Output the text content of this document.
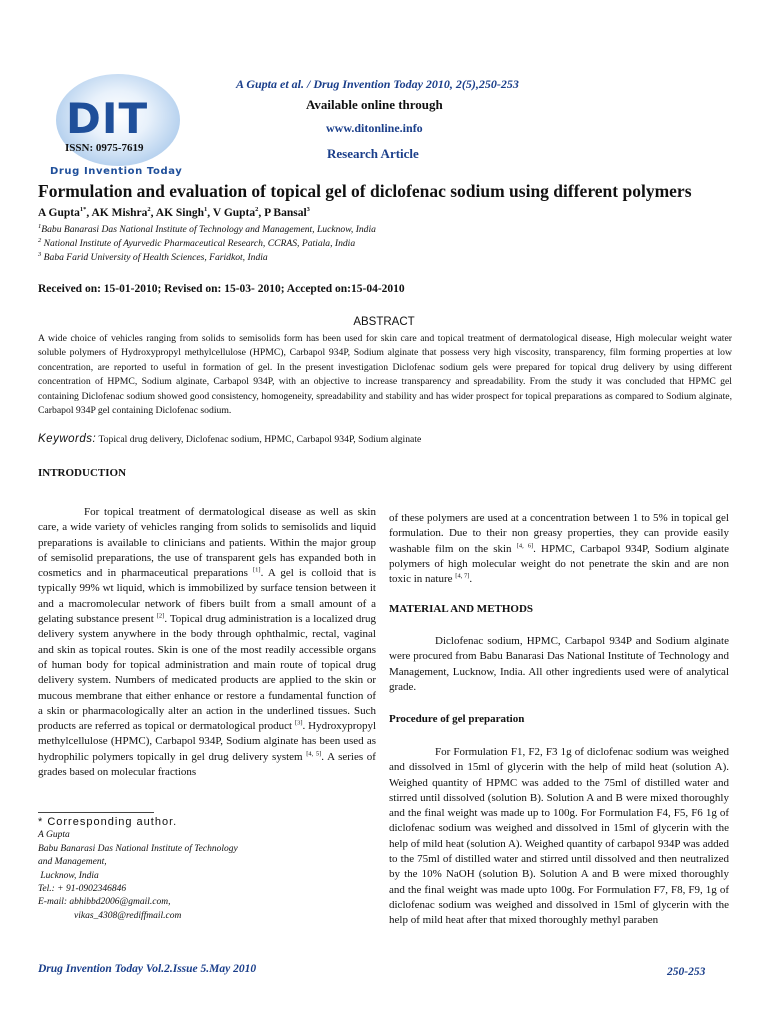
DIT
ISSN: 0975-7619
Drug Invention Today
A Gupta et al. / Drug Invention Today 2010, 2(5),250-253
Available online through
www.ditonline.info
Research Article
Formulation and evaluation of topical gel of diclofenac sodium using different polymers
A Gupta$^{1*}$, AK Mishra$^2$, AK Singh$^1$, V Gupta$^2$, P Bansal$^3$
$^1$Babu Banarasi Das National Institute of Technology and Management, Lucknow, India
$^2$ National Institute of Ayurvedic Pharmaceutical Research, CCRAS, Patiala, India
$^3$ Baba Farid University of Health Sciences, Faridkot, India
Received on: 15-01-2010; Revised on: 15-03- 2010; Accepted on:15-04-2010
ABSTRACT
A wide choice of vehicles ranging from solids to semisolids form has been used for skin care and topical treatment of dermatological disease, High molecular weight water soluble polymers of Hydroxypropyl methylcellulose (HPMC), Carbapol 934P, Sodium alginate that possess very high viscosity, transparency, film forming properties at low concentration, are reported to useful in formation of gel. In the present investigation Diclofenac sodium gels were prepared for topical drug delivery by using different concentration of HPMC, Sodium alginate, Carbapol 934P, with an objective to increase transparency and spreadability. From the study it was concluded that HPMC gel containing Diclofenac sodium showed good consistency, homogeneity, spreadability and stability and has wider prospect for topical preparations as compared to Sodium alginate, Carbapol 934P gel containing Diclofenac sodium.
Keywords: Topical drug delivery, Diclofenac sodium, HPMC, Carbapol 934P, Sodium alginate
INTRODUCTION

For topical treatment of dermatological disease as well as skin care, a wide variety of vehicles ranging from solids to semisolids and liquid preparations is available to clinicians and patients. Within the major group of semisolid preparations, the use of transparent gels has expanded both in cosmetics and in pharmaceutical preparations [1]. A gel is colloid that is typically 99% wt liquid, which is immobilized by surface tension between it and a macromolecular network of fibers built from a small amount of a gelating substance present [2]. Topical drug administration is a localized drug delivery system anywhere in the body through ophthalmic, rectal, vaginal and skin as topical routes. Skin is one of the most readily accessible organs of human body for topical administration and main route of topical drug delivery system. Numbers of medicated products are applied to the skin or mucous membrane that either enhance or restore a fundamental function of a skin or pharmacologically alter an action in the underlined tissues. Such products are referred as topical or dermatological product [3]. Hydroxypropyl methylcellulose (HPMC), Carbapol 934P, Sodium alginate has been used as hydrophilic polymers topically in gel drug delivery system [4, 5]. A series of grades based on molecular fractions

of these polymers are used at a concentration between 1 to 5% in topical gel formulation. Due to their non greasy properties, they can provide easily washable film on the skin [4, 6]. HPMC, Carbapol 934P, Sodium alginate polymers of high molecular weight do not penetrate the skin and are non toxic in nature [4, 7].

MATERIAL AND METHODS

Diclofenac sodium, HPMC, Carbapol 934P and Sodium alginate were procured from Babu Banarasi Das National Institute of Technology and Management, Lucknow, India. All other ingredients used were of analytical grade.

Procedure of gel preparation

For Formulation F1, F2, F3 1g of diclofenac sodium was weighed and dissolved in 15ml of glycerin with the help of mild heat (solution A). Weighed quantity of HPMC was added to the 75ml of distilled water and stirred until dissolved (solution B). Solution A and B were mixed thoroughly and the final weight was made up to 100g. For Formulation F4, F5, F6 1g of diclofenac sodium was weighed and dissolved in 15ml of glycerin with the help of mild heat (solution A). Weighed quantity of carbapol 934P was added to the 75ml of distilled water and stirred until dissolved and then neutralized by the 10% NaOH (solution B). Solution A and B were mixed thoroughly and the final weight was made upto 100g. For Formulation F7, F8, F9, 1g of diclofenac sodium was weighed and dissolved in 15ml of glycerin with the help of mild heat after that mixed thoroughly methyl paraben

* Corresponding author.
A Gupta
Babu Banarasi Das National Institute of Technology
and Management,
Lucknow, India
Tel.: + 91-0902346846
E-mail: abhibbd2006@gmail.com,
vikas_4308@rediffmail.com
Drug Invention Today Vol.2.Issue 5.May 2010	250-253
